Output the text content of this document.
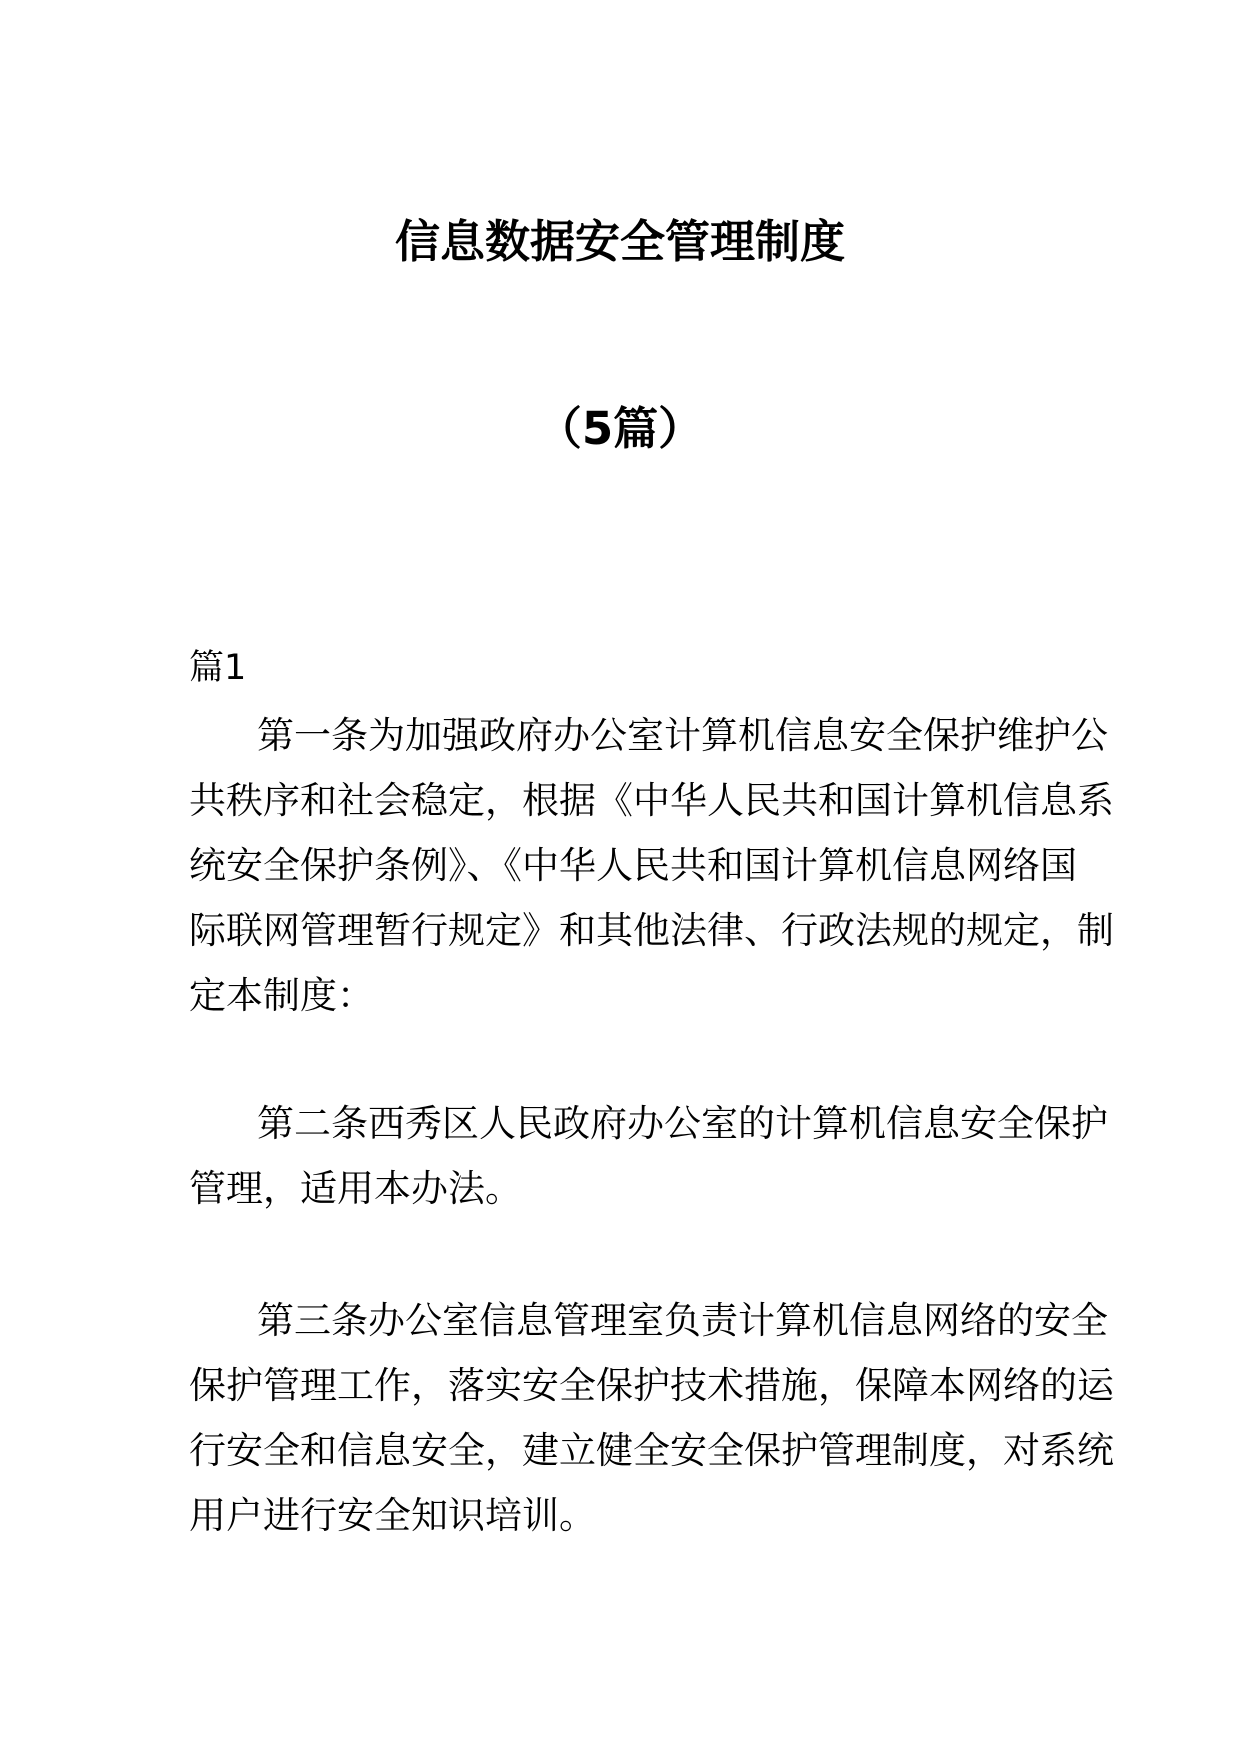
信息数据安全管理制度
（5篇）
篇1
第一条为加强政府办公室计算机信息安全保护维护公
共秩序和社会稳定，根据《中华人民共和国计算机信息系
统安全保护条例》、《中华人民共和国计算机信息网络国
际联网管理暂行规定》和其他法律、行政法规的规定，制
定本制度：
第二条西秀区人民政府办公室的计算机信息安全保护
管理，适用本办法。
第三条办公室信息管理室负责计算机信息网络的安全
保护管理工作，落实安全保护技术措施，保障本网络的运
行安全和信息安全，建立健全安全保护管理制度，对系统
用户进行安全知识培训。
